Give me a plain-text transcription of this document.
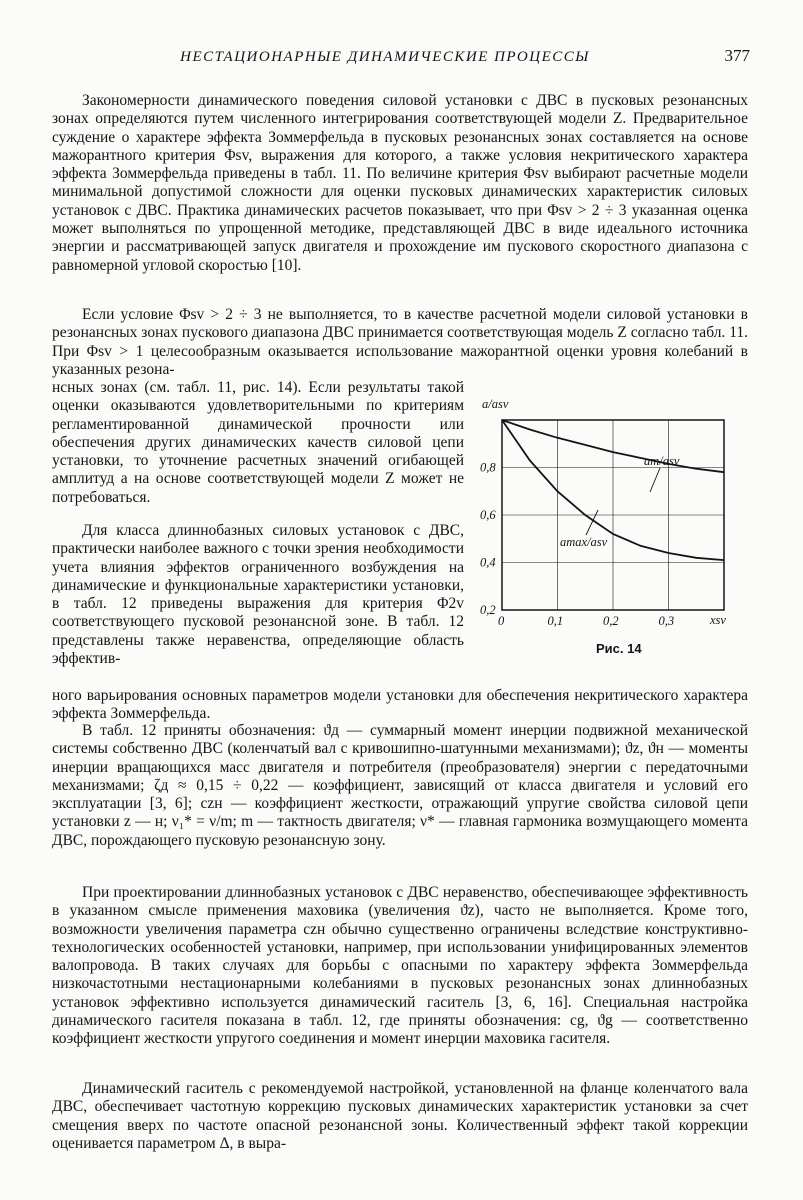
НЕСТАЦИОНАРНЫЕ ДИНАМИЧЕСКИЕ ПРОЦЕССЫ	377

Закономерности динамического поведения силовой установки с ДВС в пусковых резонансных зонах определяются путем численного интегрирования соответствующей модели Z. Предварительное суждение о характере эффекта Зоммерфельда в пусковых резонансных зонах составляется на основе мажорантного критерия Φsv, выражения для которого, а также условия некритического характера эффекта Зоммерфельда приведены в табл. 11. По величине критерия Φsv выбирают расчетные модели минимальной допустимой сложности для оценки пусковых динамических характеристик силовых установок с ДВС. Практика динамических расчетов показывает, что при Φsv > 2 ÷ 3 указанная оценка может выполняться по упрощенной методике, представляющей ДВС в виде идеального источника энергии и рассматривающей запуск двигателя и прохождение им пускового скоростного диапазона с равномерной угловой скоростью [10].

Если условие Φsv > 2 ÷ 3 не выполняется, то в качестве расчетной модели силовой установки в резонансных зонах пускового диапазона ДВС принимается соответствующая модель Z согласно табл. 11. При Φsv > 1 целесообразным оказывается использование мажорантной оценки уровня колебаний в указанных резона-

нсных зонах (см. табл. 11, рис. 14). Если результаты такой оценки оказываются удовлетворительными по критериям регламентированной динамической прочности или обеспечения других динамических качеств силовой цепи установки, то уточнение расчетных значений огибающей амплитуд a на основе соответствующей модели Z может не потребоваться.

Для класса длиннобазных силовых установок с ДВС, практически наиболее важного с точки зрения необходимости учета влияния эффектов ограниченного возбуждения на динамические и функциональные характеристики установки, в табл. 12 приведены выражения для критерия Φ2v соответствующего пусковой резонансной зоне. В табл. 12 представлены также неравенства, определяющие область эффектив-

ного варьирования основных параметров модели установки для обеспечения некритического характера эффекта Зоммерфельда.

В табл. 12 приняты обозначения: ϑд — суммарный момент инерции подвижной механической системы собственно ДВС (коленчатый вал с кривошипно-шатунными механизмами); ϑz, ϑн — моменты инерции вращающихся масс двигателя и потребителя (преобразователя) энергии с передаточными механизмами; ζд ≈ 0,15 ÷ 0,22 — коэффициент, зависящий от класса двигателя и условий его эксплуатации [3, 6]; czн — коэффициент жесткости, отражающий упругие свойства силовой цепи установки z — н; ν₁* = ν/m; m — тактность двигателя; ν* — главная гармоника возмущающего момента ДВС, порождающего пусковую резонансную зону.

При проектировании длиннобазных установок с ДВС неравенство, обеспечивающее эффективность в указанном смысле применения маховика (увеличения ϑz), часто не выполняется. Кроме того, возможности увеличения параметра czн обычно существенно ограничены вследствие конструктивно-технологических особенностей установки, например, при использовании унифицированных элементов валопровода. В таких случаях для борьбы с опасными по характеру эффекта Зоммерфельда низкочастотными нестационарными колебаниями в пусковых резонансных зонах длиннобазных установок эффективно используется динамический гаситель [3, 6, 16]. Специальная настройка динамического гасителя показана в табл. 12, где приняты обозначения: cg, ϑg — соответственно коэффициент жесткости упругого соединения и момент инерции маховика гасителя.

Динамический гаситель с рекомендуемой настройкой, установленной на фланце коленчатого вала ДВС, обеспечивает частотную коррекцию пусковых динамических характеристик установки за счет смещения вверх по частоте опасной резонансной зоны. Количественный эффект такой коррекции оценивается параметром Δ, в выра-

0,2
0,4
0,6
0,8
0	0,1	0,2	0,3
a/asv
xsv
am/asv
amax/asv
Рис. 14
